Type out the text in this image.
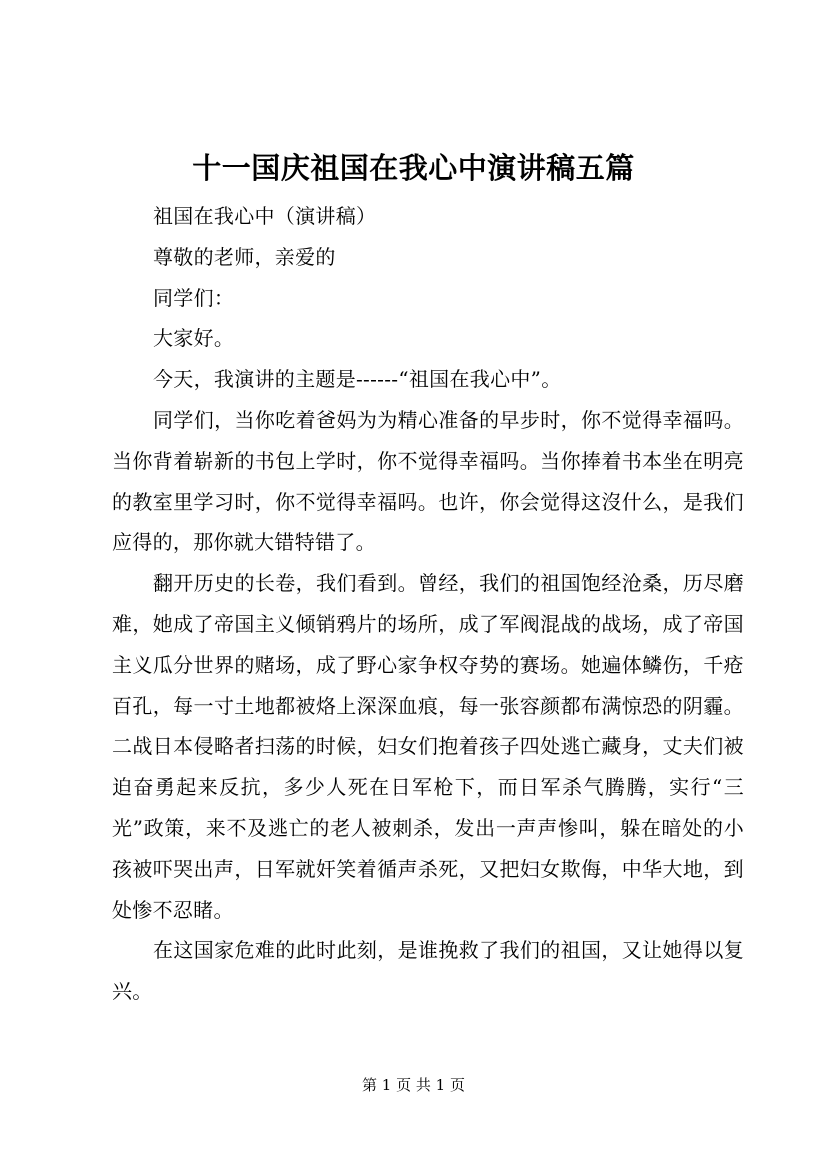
十一国庆祖国在我心中演讲稿五篇

祖国在我心中（演讲稿）

尊敬的老师，亲爱的

同学们：

大家好。

今天，我演讲的主题是------“祖国在我心中”。

同学们，当你吃着爸妈为为精心准备的早步时，你不觉得幸福吗。当你背着崭新的书包上学时，你不觉得幸福吗。当你捧着书本坐在明亮的教室里学习时，你不觉得幸福吗。也许，你会觉得这沒什么，是我们应得的，那你就大错特错了。

翻开历史的长卷，我们看到。曾经，我们的祖国饱经沧桑，历尽磨难，她成了帝国主义倾销鸦片的场所，成了军阀混战的战场，成了帝国主义瓜分世界的赌场，成了野心家争权夺势的赛场。她遍体鳞伤，千疮百孔，每一寸土地都被烙上深深血痕，每一张容颜都布满惊恐的阴霾。二战日本侵略者扫荡的时候，妇女们抱着孩子四处逃亡藏身，丈夫们被迫奋勇起来反抗，多少人死在日军枪下，而日军杀气腾腾，实行“三光”政策，来不及逃亡的老人被刺杀，发出一声声惨叫，躲在暗处的小孩被吓哭出声，日军就奸笑着循声杀死，又把妇女欺侮，中华大地，到处惨不忍睹。

在这国家危难的此时此刻，是谁挽救了我们的祖国，又让她得以复兴。

第 1 页 共 1 页
